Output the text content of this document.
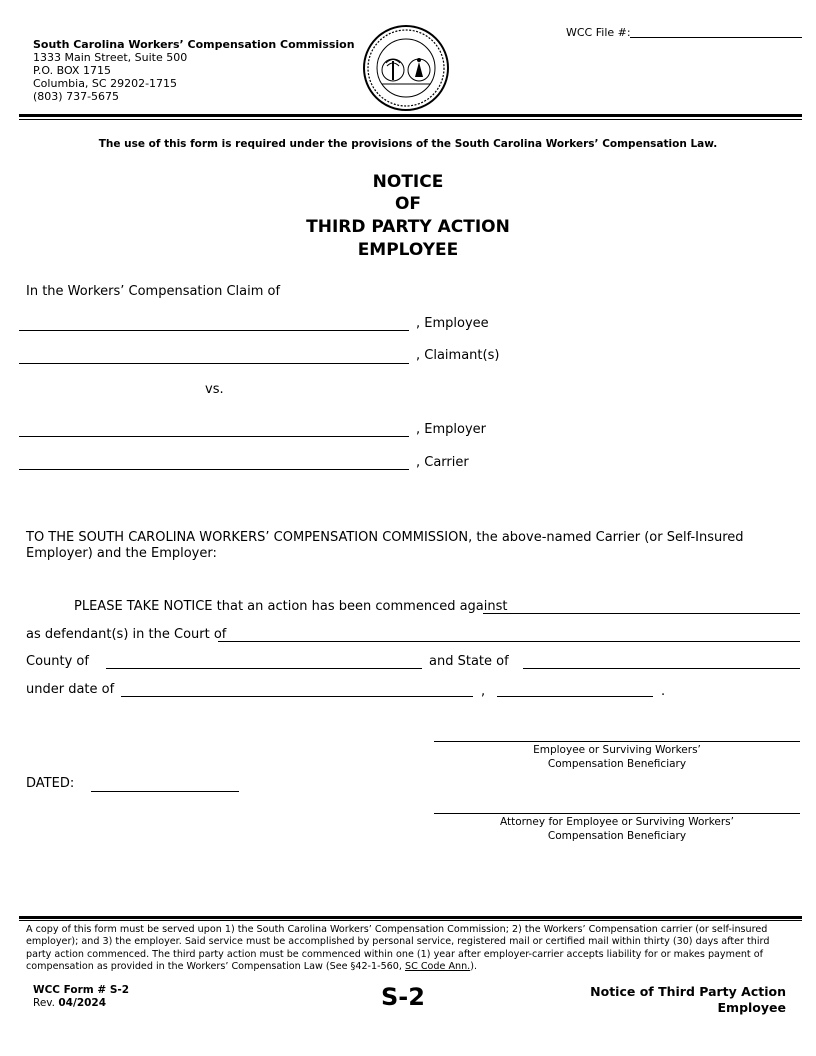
WCC File #:
South Carolina Workers’ Compensation Commission
1333 Main Street, Suite 500
P.O. BOX 1715
Columbia, SC 29202-1715
(803) 737-5675
The use of this form is required under the provisions of the South Carolina Workers’ Compensation Law.
NOTICE
OF
THIRD PARTY ACTION
EMPLOYEE
In the Workers’ Compensation Claim of
, Employee
, Claimant(s)
vs.
, Employer
, Carrier
TO THE SOUTH CAROLINA WORKERS’ COMPENSATION COMMISSION, the above-named Carrier (or Self-Insured Employer) and the Employer:
PLEASE TAKE NOTICE that an action has been commenced against
as defendant(s) in the Court of
County of	and State of
under date of	,	.
Employee or Surviving Workers’
Compensation Beneficiary
DATED:
Attorney for Employee or Surviving Workers’
Compensation Beneficiary
A copy of this form must be served upon 1) the South Carolina Workers’ Compensation Commission; 2) the Workers’ Compensation carrier (or self-insured employer); and 3) the employer. Said service must be accomplished by personal service, registered mail or certified mail within thirty (30) days after third party action commenced. The third party action must be commenced within one (1) year after employer-carrier accepts liability for or makes payment of compensation as provided in the Workers’ Compensation Law (See §42-1-560, SC Code Ann.).
WCC Form # S-2
Rev. 04/2024	S-2	Notice of Third Party Action
Employee
